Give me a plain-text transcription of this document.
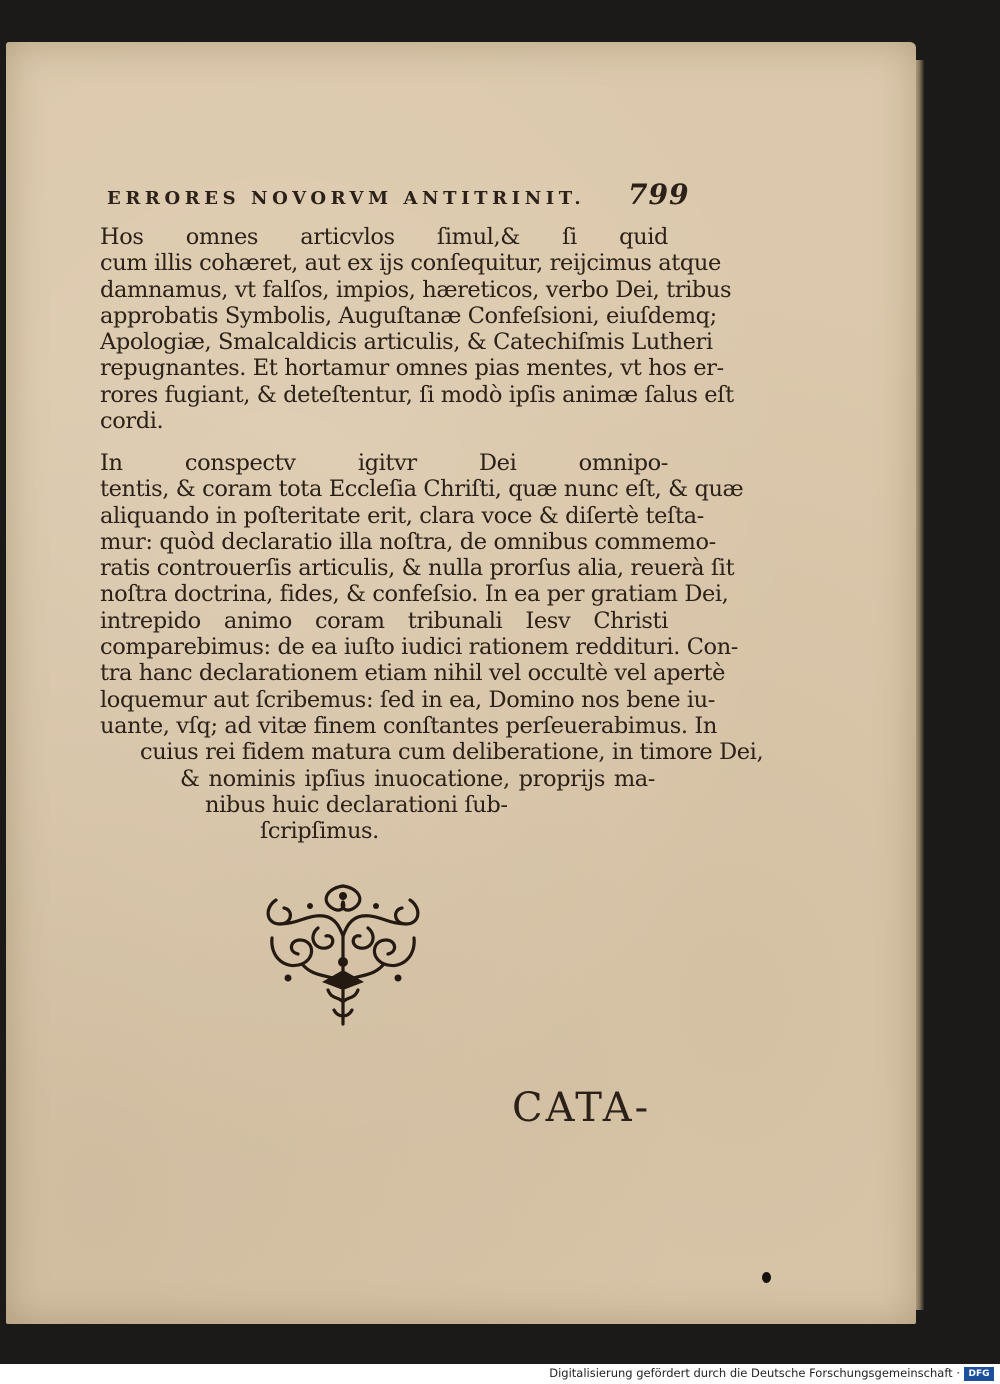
ERRORES NOVORVM ANTITRINIT. 799
Hos omnes articvlos ſimul,& ſi quid
cum illis cohæret, aut ex ijs conſequitur, reijcimus atque
damnamus, vt falſos, impios, hæreticos, verbo Dei, tribus
approbatis Symbolis, Auguſtanæ Confeſsioni, eiuſdemq;
Apologiæ, Smalcaldicis articulis, & Catechiſmis Lutheri
repugnantes. Et hortamur omnes pias mentes, vt hos er-
rores fugiant, & deteſtentur, ſi modò ipſis animæ ſalus eſt
cordi.
In conspectv igitvr Dei omnipo-
tentis, & coram tota Eccleſia Chriſti, quæ nunc eſt, & quæ
aliquando in poſteritate erit, clara voce & diſertè teſta-
mur: quòd declaratio illa noſtra, de omnibus commemo-
ratis controuerſis articulis, & nulla prorſus alia, reuerà ſit
noſtra doctrina, fides, & confeſsio. In ea per gratiam Dei,
intrepido animo coram tribunali Iesv Christi
comparebimus: de ea iuſto iudici rationem reddituri. Con-
tra hanc declarationem etiam nihil vel occultè vel apertè
loquemur aut ſcribemus: ſed in ea, Domino nos bene iu-
uante, vſq; ad vitæ finem conſtantes perſeuerabimus. In
cuius rei fidem matura cum deliberatione, in timore Dei,
& nominis ipſius inuocatione, proprijs ma-
nibus huic declarationi ſub-
ſcripſimus.
CATA-
Digitalisierung gefördert durch die Deutsche Forschungsgemeinschaft · DFG
